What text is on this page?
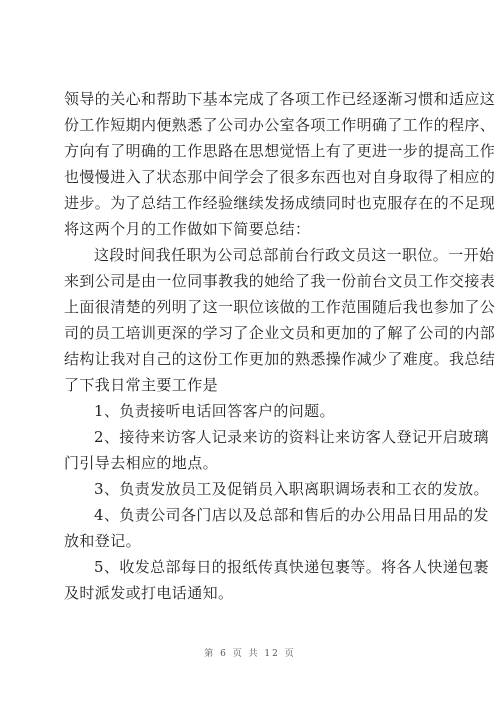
领导的关心和帮助下基本完成了各项工作已经逐渐习惯和适应这
份工作短期内便熟悉了公司办公室各项工作明确了工作的程序、
方向有了明确的工作思路在思想觉悟上有了更进一步的提高工作
也慢慢进入了状态那中间学会了很多东西也对自身取得了相应的
进步。为了总结工作经验继续发扬成绩同时也克服存在的不足现
将这两个月的工作做如下简要总结：
这段时间我任职为公司总部前台行政文员这一职位。一开始
来到公司是由一位同事教我的她给了我一份前台文员工作交接表
上面很清楚的列明了这一职位该做的工作范围随后我也参加了公
司的员工培训更深的学习了企业文员和更加的了解了公司的内部
结构让我对自己的这份工作更加的熟悉操作减少了难度。我总结
了下我日常主要工作是
1、负责接听电话回答客户的问题。
2、接待来访客人记录来访的资料让来访客人登记开启玻璃
门引导去相应的地点。
3、负责发放员工及促销员入职离职调场表和工衣的发放。
4、负责公司各门店以及总部和售后的办公用品日用品的发
放和登记。
5、收发总部每日的报纸传真快递包裹等。将各人快递包裹
及时派发或打电话通知。
第 6 页 共 12 页
